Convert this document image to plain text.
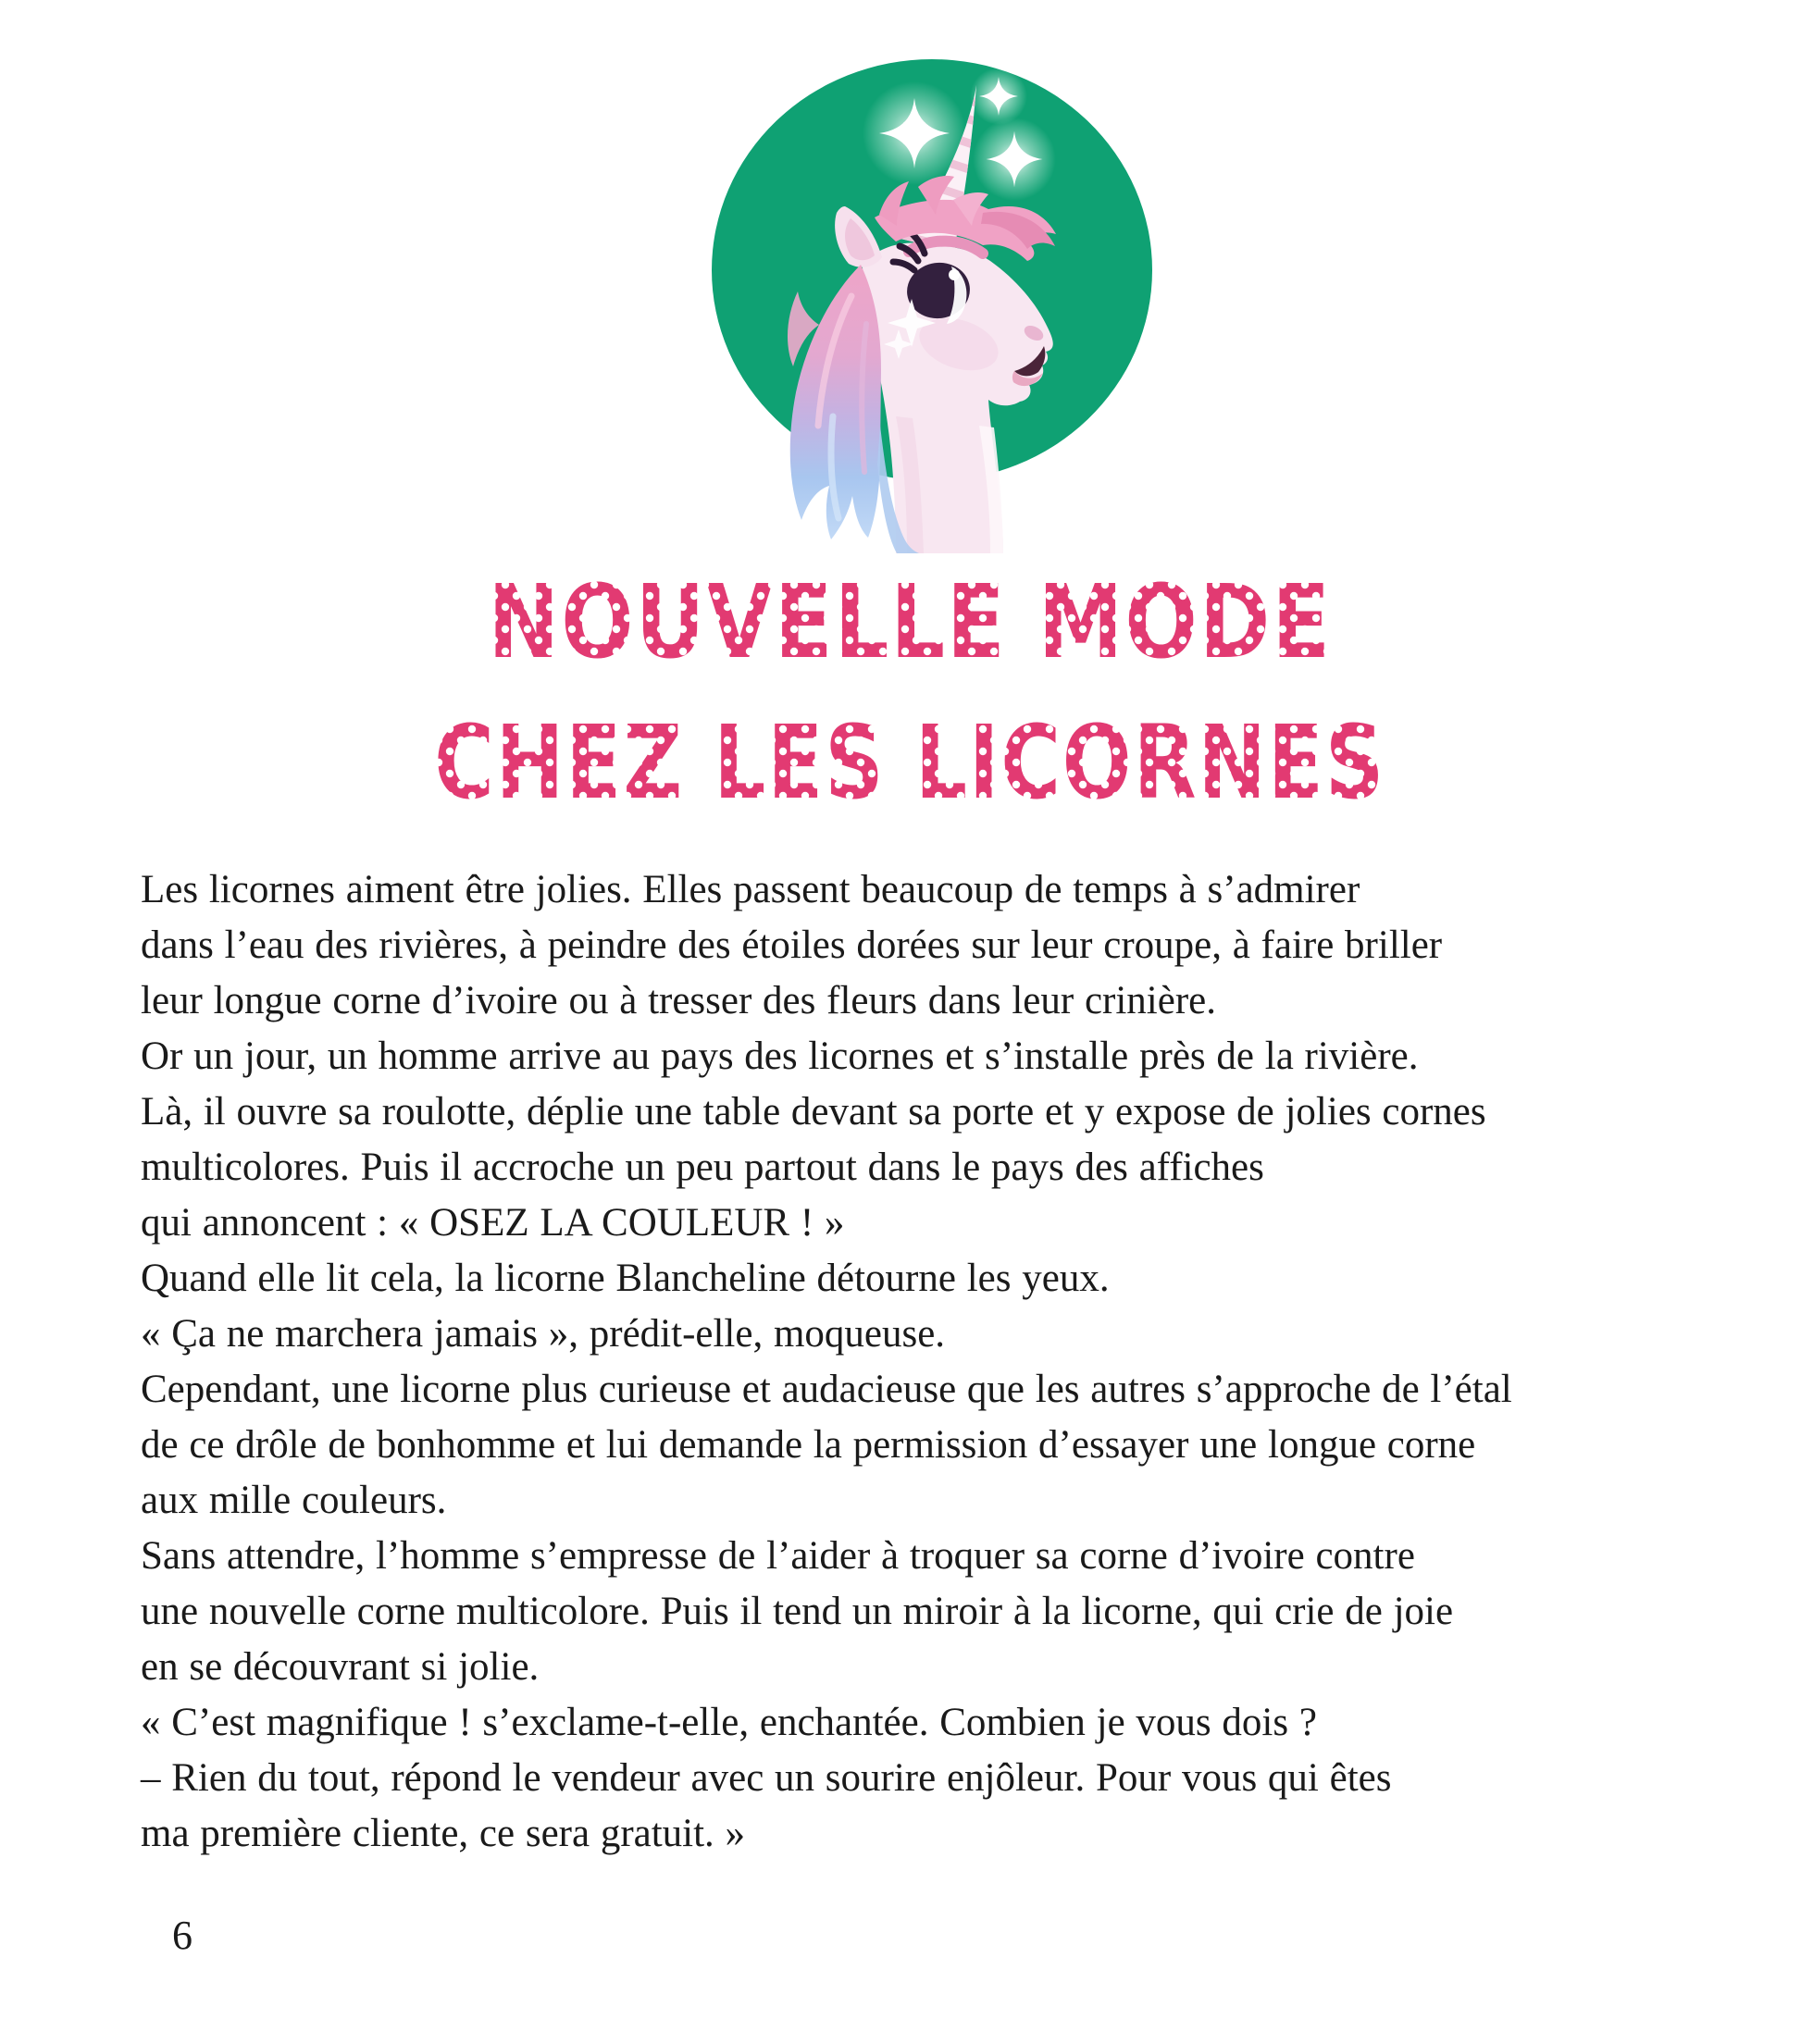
NOUVELLE MODE
CHEZ LES LICORNES
Les licornes aiment être jolies. Elles passent beaucoup de temps à s’admirer
dans l’eau des rivières, à peindre des étoiles dorées sur leur croupe, à faire briller
leur longue corne d’ivoire ou à tresser des fleurs dans leur crinière.
Or un jour, un homme arrive au pays des licornes et s’installe près de la rivière.
Là, il ouvre sa roulotte, déplie une table devant sa porte et y expose de jolies cornes
multicolores. Puis il accroche un peu partout dans le pays des affiches
qui annoncent : « OSEZ LA COULEUR ! »
Quand elle lit cela, la licorne Blancheline détourne les yeux.
« Ça ne marchera jamais », prédit-elle, moqueuse.
Cependant, une licorne plus curieuse et audacieuse que les autres s’approche de l’étal
de ce drôle de bonhomme et lui demande la permission d’essayer une longue corne
aux mille couleurs.
Sans attendre, l’homme s’empresse de l’aider à troquer sa corne d’ivoire contre
une nouvelle corne multicolore. Puis il tend un miroir à la licorne, qui crie de joie
en se découvrant si jolie.
« C’est magnifique ! s’exclame-t-elle, enchantée. Combien je vous dois ?
– Rien du tout, répond le vendeur avec un sourire enjôleur. Pour vous qui êtes
ma première cliente, ce sera gratuit. »
6
